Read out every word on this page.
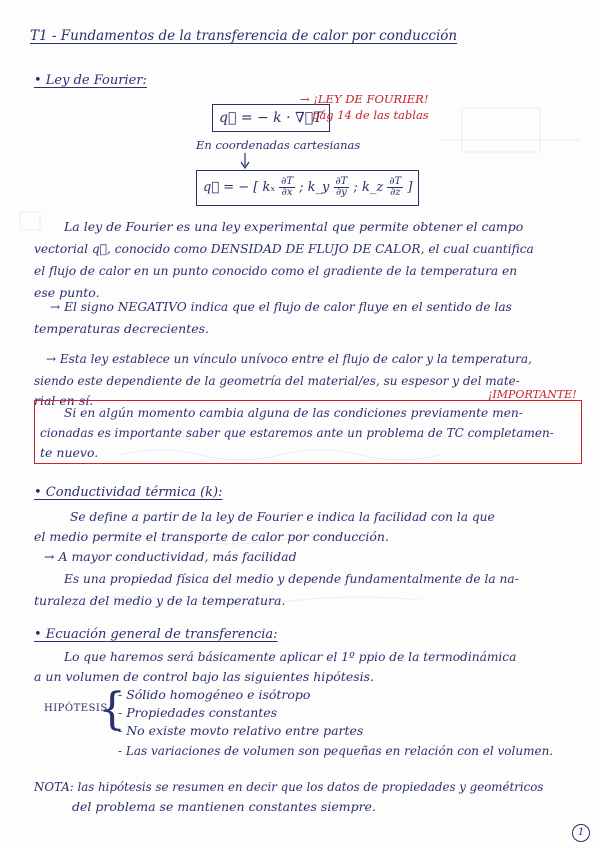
T1 - Fundamentos de la transferencia de calor por conducción
• Ley de Fourier:
q⃗ = − k · ∇⃗T
→ ¡LEY DE FOURIER!
pág 14 de las tablas
En coordenadas cartesianas
q⃗ = − [ kₓ $\frac{\partial T}{\partial x}$ ; k_y $\frac{\partial T}{\partial y}$ ; k_z $\frac{\partial T}{\partial z}$ ]
La ley de Fourier es una ley experimental que permite obtener el campo
vectorial q⃗, conocido como DENSIDAD DE FLUJO DE CALOR, el cual cuantifica
el flujo de calor en un punto conocido como el gradiente de la temperatura en
ese punto.
→ El signo NEGATIVO indica que el flujo de calor fluye en el sentido de las
temperaturas decrecientes.
→ Esta ley establece un vínculo unívoco entre el flujo de calor y la temperatura,
siendo este dependiente de la geometría del material/es, su espesor y del mate-
rial en sí.	¡IMPORTANTE!
Si en algún momento cambia alguna de las condiciones previamente men-
cionadas es importante saber que estaremos ante un problema de TC completamen-
te nuevo.
• Conductividad térmica (k):
Se define a partir de la ley de Fourier e indica la facilidad con la que
el medio permite el transporte de calor por conducción.
→ A mayor conductividad, más facilidad
Es una propiedad física del medio y depende fundamentalmente de la na-
turaleza del medio y de la temperatura.
• Ecuación general de transferencia:
Lo que haremos será básicamente aplicar el 1º ppio de la termodinámica
a un volumen de control bajo las siguientes hipótesis.
HIPÓTESIS
{
- Sólido homogéneo e isótropo
- Propiedades constantes
- No existe movto relativo entre partes
- Las variaciones de volumen son pequeñas en relación con el volumen.
NOTA: las hipótesis se resumen en decir que los datos de propiedades y geométricos
del problema se mantienen constantes siempre.
1
